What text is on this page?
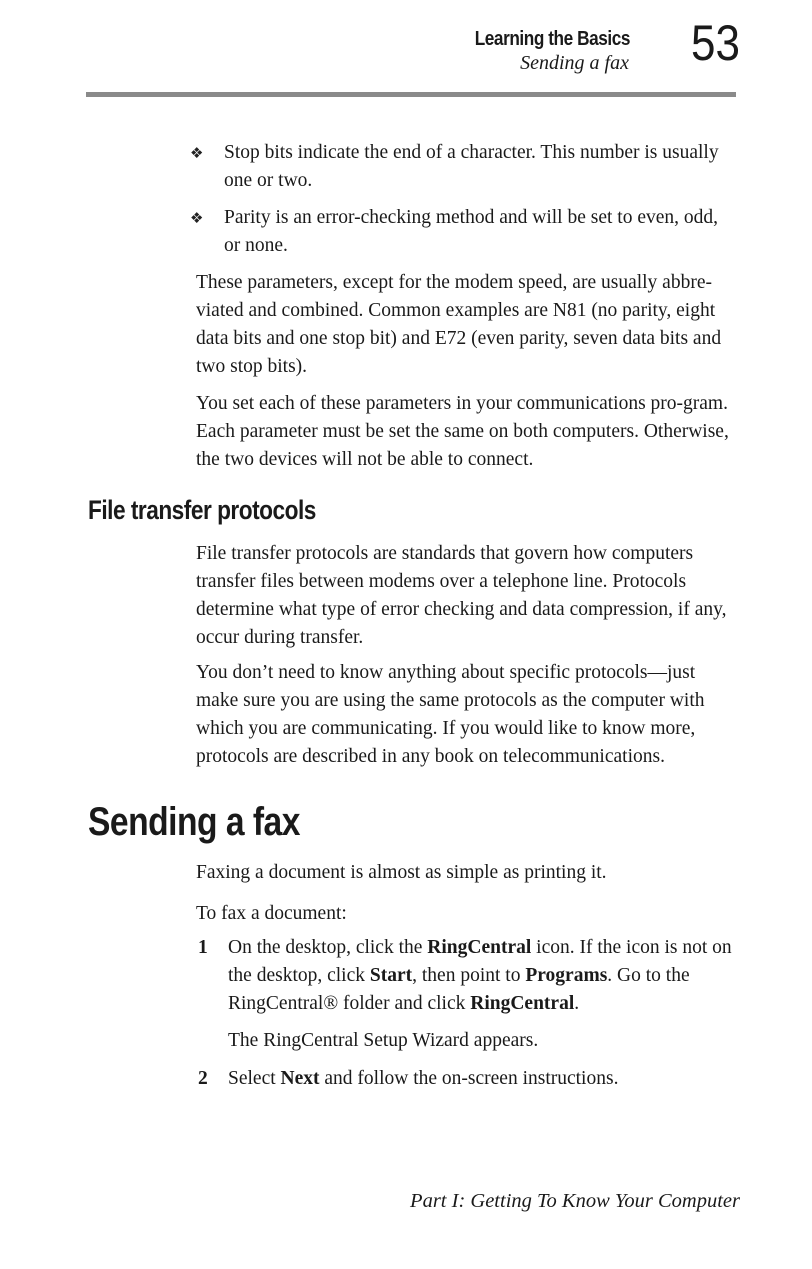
Learning the Basics
Sending a fax	53
❖ Stop bits indicate the end of a character. This number is usually one or two.
❖ Parity is an error-checking method and will be set to even, odd, or none.
These parameters, except for the modem speed, are usually abbre-viated and combined. Common examples are N81 (no parity, eight data bits and one stop bit) and E72 (even parity, seven data bits and two stop bits).
You set each of these parameters in your communications pro-gram. Each parameter must be set the same on both computers. Otherwise, the two devices will not be able to connect.
File transfer protocols
File transfer protocols are standards that govern how computers transfer files between modems over a telephone line. Protocols determine what type of error checking and data compression, if any, occur during transfer.
You don’t need to know anything about specific protocols—just make sure you are using the same protocols as the computer with which you are communicating. If you would like to know more, protocols are described in any book on telecommunications.
Sending a fax
Faxing a document is almost as simple as printing it.
To fax a document:
1 On the desktop, click the RingCentral icon. If the icon is not on the desktop, click Start, then point to Programs. Go to the RingCentral® folder and click RingCentral.
The RingCentral Setup Wizard appears.
2 Select Next and follow the on-screen instructions.
Part I: Getting To Know Your Computer
